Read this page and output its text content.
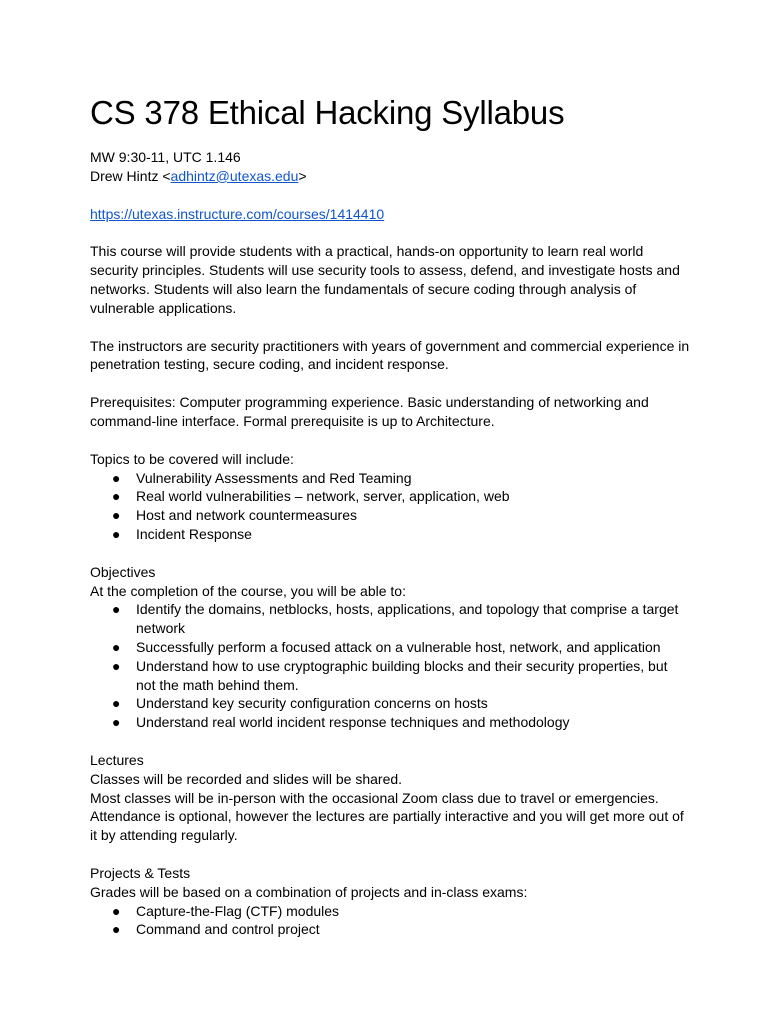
CS 378 Ethical Hacking Syllabus
MW 9:30-11, UTC 1.146
Drew Hintz <adhintz@utexas.edu>
https://utexas.instructure.com/courses/1414410
This course will provide students with a practical, hands-on opportunity to learn real world security principles. Students will use security tools to assess, defend, and investigate hosts and networks. Students will also learn the fundamentals of secure coding through analysis of vulnerable applications.
The instructors are security practitioners with years of government and commercial experience in penetration testing, secure coding, and incident response.
Prerequisites: Computer programming experience. Basic understanding of networking and command-line interface. Formal prerequisite is up to Architecture.
Topics to be covered will include:
● Vulnerability Assessments and Red Teaming
● Real world vulnerabilities – network, server, application, web
● Host and network countermeasures
● Incident Response
Objectives
At the completion of the course, you will be able to:
● Identify the domains, netblocks, hosts, applications, and topology that comprise a target network
● Successfully perform a focused attack on a vulnerable host, network, and application
● Understand how to use cryptographic building blocks and their security properties, but not the math behind them.
● Understand key security configuration concerns on hosts
● Understand real world incident response techniques and methodology
Lectures
Classes will be recorded and slides will be shared.
Most classes will be in-person with the occasional Zoom class due to travel or emergencies.
Attendance is optional, however the lectures are partially interactive and you will get more out of it by attending regularly.
Projects & Tests
Grades will be based on a combination of projects and in-class exams:
● Capture-the-Flag (CTF) modules
● Command and control project
